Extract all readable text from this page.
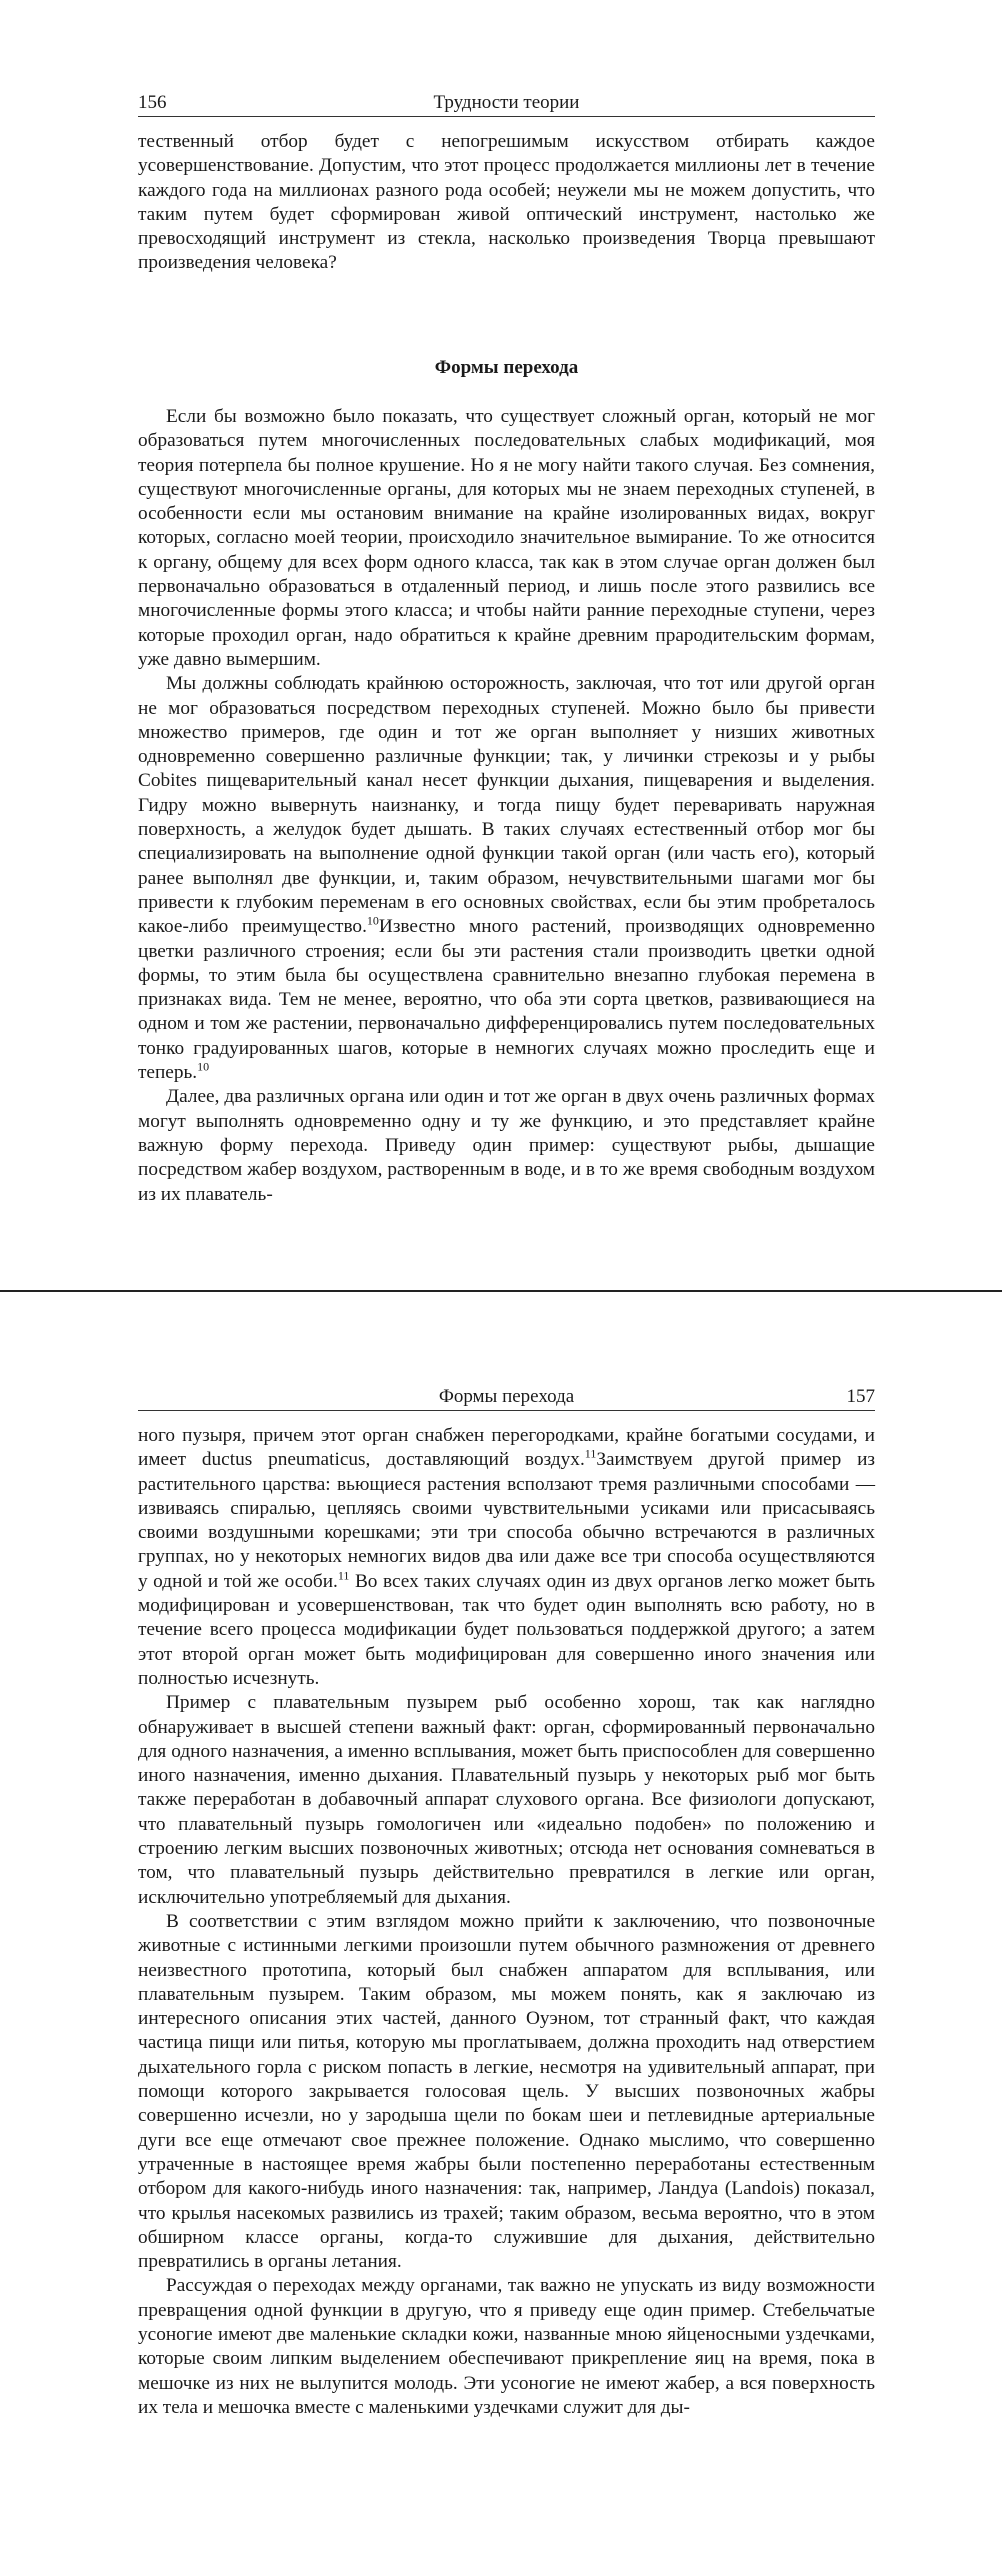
156	Трудности теории

тественный отбор будет с непогрешимым искусством отбирать каждое усовершенствование. Допустим, что этот процесс продолжается миллионы лет в течение каждого года на миллионах разного рода особей; неужели мы не можем допустить, что таким путем будет сформирован живой оптический инструмент, настолько же превосходящий инструмент из стекла, насколько произведения Творца превышают произведения человека?

Формы перехода

Если бы возможно было показать, что существует сложный орган, который не мог образоваться путем многочисленных последовательных слабых модификаций, моя теория потерпела бы полное крушение. Но я не могу найти такого случая. Без сомнения, существуют многочисленные органы, для которых мы не знаем переходных ступеней, в особенности если мы остановим внимание на крайне изолированных видах, вокруг которых, согласно моей теории, происходило значительное вымирание. То же относится к органу, общему для всех форм одного класса, так как в этом случае орган должен был первоначально образоваться в отдаленный период, и лишь после этого развились все многочисленные формы этого класса; и чтобы найти ранние переходные ступени, через которые проходил орган, надо обратиться к крайне древним прародительским формам, уже давно вымершим.

Мы должны соблюдать крайнюю осторожность, заключая, что тот или другой орган не мог образоваться посредством переходных ступеней. Можно было бы привести множество примеров, где один и тот же орган выполняет у низших животных одновременно совершенно различные функции; так, у личинки стрекозы и у рыбы Cobites пищеварительный канал несет функции дыхания, пищеварения и выделения. Гидру можно вывернуть наизнанку, и тогда пищу будет переваривать наружная поверхность, а желудок будет дышать. В таких случаях естественный отбор мог бы специализировать на выполнение одной функции такой орган (или часть его), который ранее выполнял две функции, и, таким образом, нечувствительными шагами мог бы привести к глубоким переменам в его основных свойствах, если бы этим пробреталось какое-либо преимущество.$^{10}$Известно много растений, производящих одновременно цветки различного строения; если бы эти растения стали производить цветки одной формы, то этим была бы осуществлена сравнительно внезапно глубокая перемена в признаках вида. Тем не менее, вероятно, что оба эти сорта цветков, развивающиеся на одном и том же растении, первоначально дифференцировались путем последовательных тонко градуированных шагов, которые в немногих случаях можно проследить еще и теперь.$^{10}$

Далее, два различных органа или один и тот же орган в двух очень различных формах могут выполнять одновременно одну и ту же функцию, и это представляет крайне важную форму перехода. Приведу один пример: существуют рыбы, дышащие посредством жабер воздухом, растворенным в воде, и в то же время свободным воздухом из их плаватель-

Формы перехода	157

ного пузыря, причем этот орган снабжен перегородками, крайне богатыми сосудами, и имеет ductus pneumaticus, доставляющий воздух.$^{11}$Заимствуем другой пример из растительного царства: вьющиеся растения всползают тремя различными способами — извиваясь спиралью, цепляясь своими чувствительными усиками или присасываясь своими воздушными корешками; эти три способа обычно встречаются в различных группах, но у некоторых немногих видов два или даже все три способа осуществляются у одной и той же особи.$^{11}$ Во всех таких случаях один из двух органов легко может быть модифицирован и усовершенствован, так что будет один выполнять всю работу, но в течение всего процесса модификации будет пользоваться поддержкой другого; а затем этот второй орган может быть модифицирован для совершенно иного значения или полностью исчезнуть.

Пример с плавательным пузырем рыб особенно хорош, так как наглядно обнаруживает в высшей степени важный факт: орган, сформированный первоначально для одного назначения, а именно всплывания, может быть приспособлен для совершенно иного назначения, именно дыхания. Плавательный пузырь у некоторых рыб мог быть также переработан в добавочный аппарат слухового органа. Все физиологи допускают, что плавательный пузырь гомологичен или «идеально подобен» по положению и строению легким высших позвоночных животных; отсюда нет основания сомневаться в том, что плавательный пузырь действительно превратился в легкие или орган, исключительно употребляемый для дыхания.

В соответствии с этим взглядом можно прийти к заключению, что позвоночные животные с истинными легкими произошли путем обычного размножения от древнего неизвестного прототипа, который был снабжен аппаратом для всплывания, или плавательным пузырем. Таким образом, мы можем понять, как я заключаю из интересного описания этих частей, данного Оуэном, тот странный факт, что каждая частица пищи или питья, которую мы проглатываем, должна проходить над отверстием дыхательного горла с риском попасть в легкие, несмотря на удивительный аппарат, при помощи которого закрывается голосовая щель. У высших позвоночных жабры совершенно исчезли, но у зародыша щели по бокам шеи и петлевидные артериальные дуги все еще отмечают свое прежнее положение. Однако мыслимо, что совершенно утраченные в настоящее время жабры были постепенно переработаны естественным отбором для какого-нибудь иного назначения: так, например, Ландуа (Landois) показал, что крылья насекомых развились из трахей; таким образом, весьма вероятно, что в этом обширном классе органы, когда-то служившие для дыхания, действительно превратились в органы летания.

Рассуждая о переходах между органами, так важно не упускать из виду возможности превращения одной функции в другую, что я приведу еще один пример. Стебельчатые усоногие имеют две маленькие складки кожи, названные мною яйценосными уздечками, которые своим липким выделением обеспечивают прикрепление яиц на время, пока в мешочке из них не вылупится молодь. Эти усоногие не имеют жабер, а вся поверхность их тела и мешочка вместе с маленькими уздечками служит для ды-
